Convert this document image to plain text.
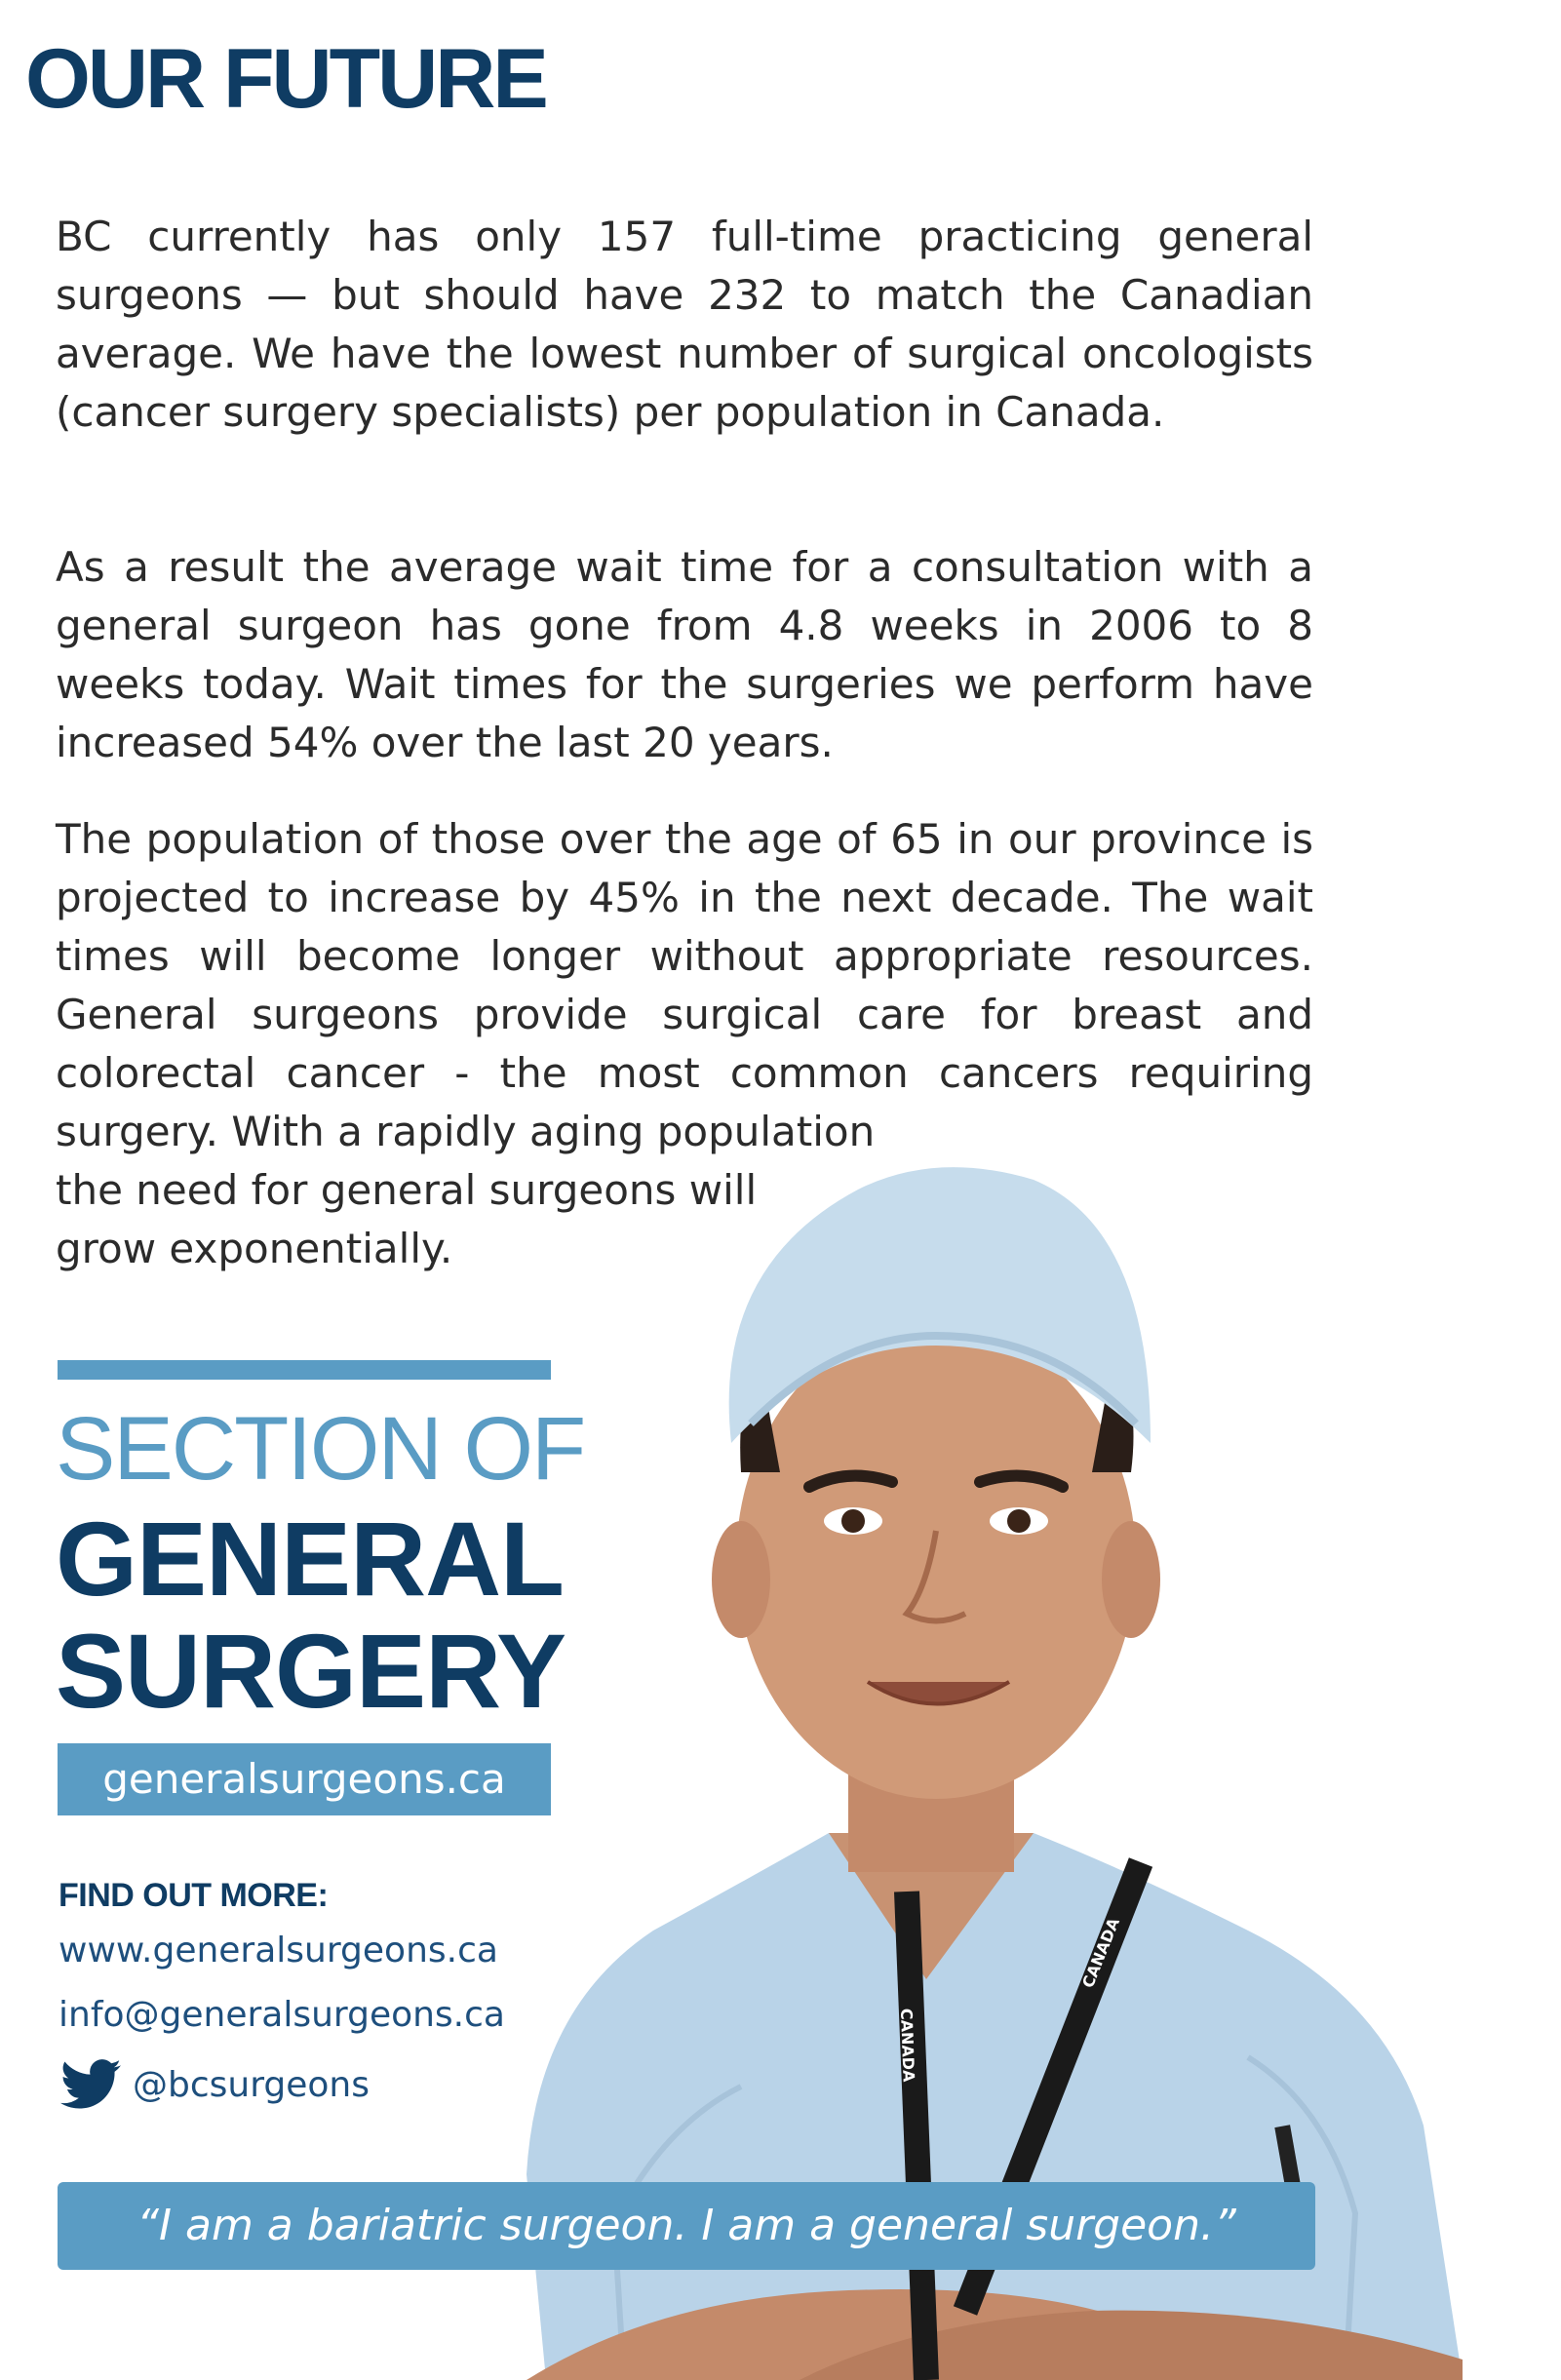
OUR FUTURE

BC currently has only 157 full-time practicing general surgeons — but should have 232 to match the Canadian average. We have the lowest number of surgical oncologists (cancer surgery specialists) per population in Canada.

As a result the average wait time for a consultation with a general surgeon has gone from 4.8 weeks in 2006 to 8 weeks today. Wait times for the surgeries we perform have increased 54% over the last 20 years.

The population of those over the age of 65 in our province is projected to increase by 45% in the next decade. The wait times will become longer without appropriate resources. General surgeons provide surgical care for breast and colorectal cancer - the most common cancers requiring surgery. With a rapidly aging population
the need for general surgeons will
grow exponentially.

CANADA
CANADA
SECTION OF
GENERAL
SURGERY
generalsurgeons.ca
FIND OUT MORE:
www.generalsurgeons.ca
info@generalsurgeons.ca
@bcsurgeons
“I am a bariatric surgeon. I am a general surgeon.”
